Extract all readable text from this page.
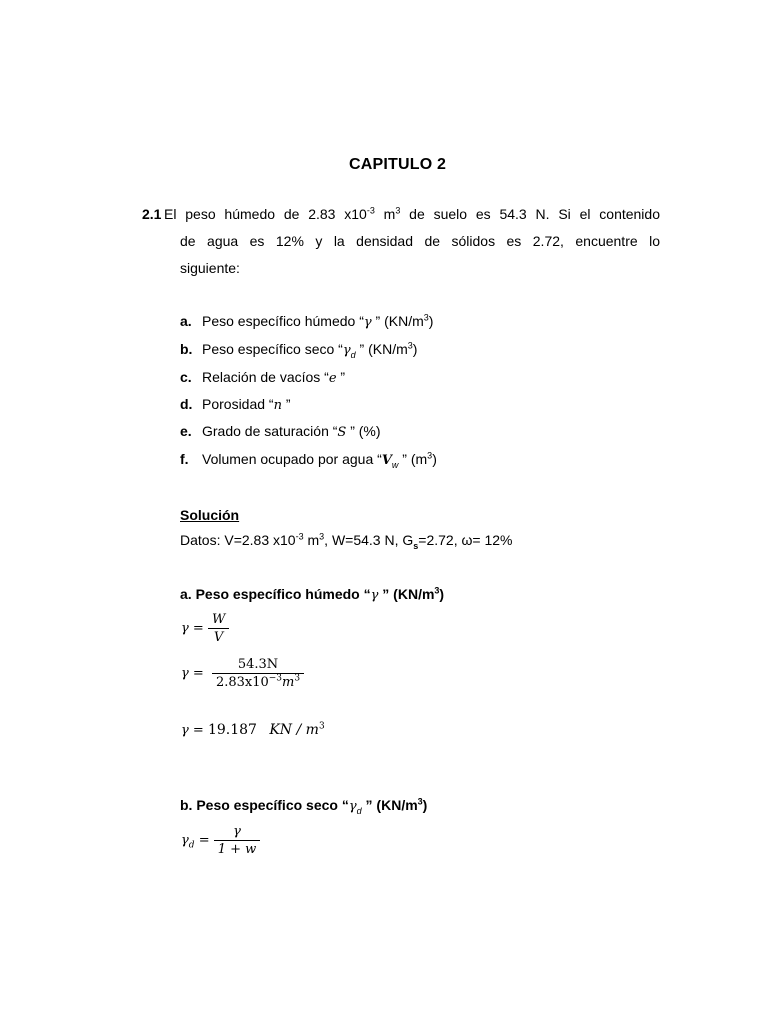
CAPITULO 2
2.1 El peso húmedo de 2.83 $x10^{-3}$ $m^3$ de suelo es 54.3 N. Si el contenido
de agua es 12% y la densidad de sólidos es 2.72, encuentre lo
siguiente:
a. Peso específico húmedo “γ ” $(KN/m^3)$
b. Peso específico seco “$\gamma_d$ ” $(KN/m^3)$
c. Relación de vacíos “e ”
d. Porosidad “n ”
e. Grado de saturación “S ” (%)
f. Volumen ocupado por agua “$V_w$ ” $(m^3)$
Solución
Datos: V=2.83 $x10^{-3}$ $m^3$, W=54.3 N, $G_s=2.72$, ω= 12%
a. Peso específico húmedo “γ ” $(KN/m^3)$
$\gamma = \frac{W}{V}$
$\gamma = \frac{54.3N}{2.83x10^{-3}m^3}$
γ = 19.187 KN / $m^3$
b. Peso específico seco “$\gamma_d$ ” $(KN/m^3)$
$\gamma_d = \frac{\gamma}{1 + w}$
